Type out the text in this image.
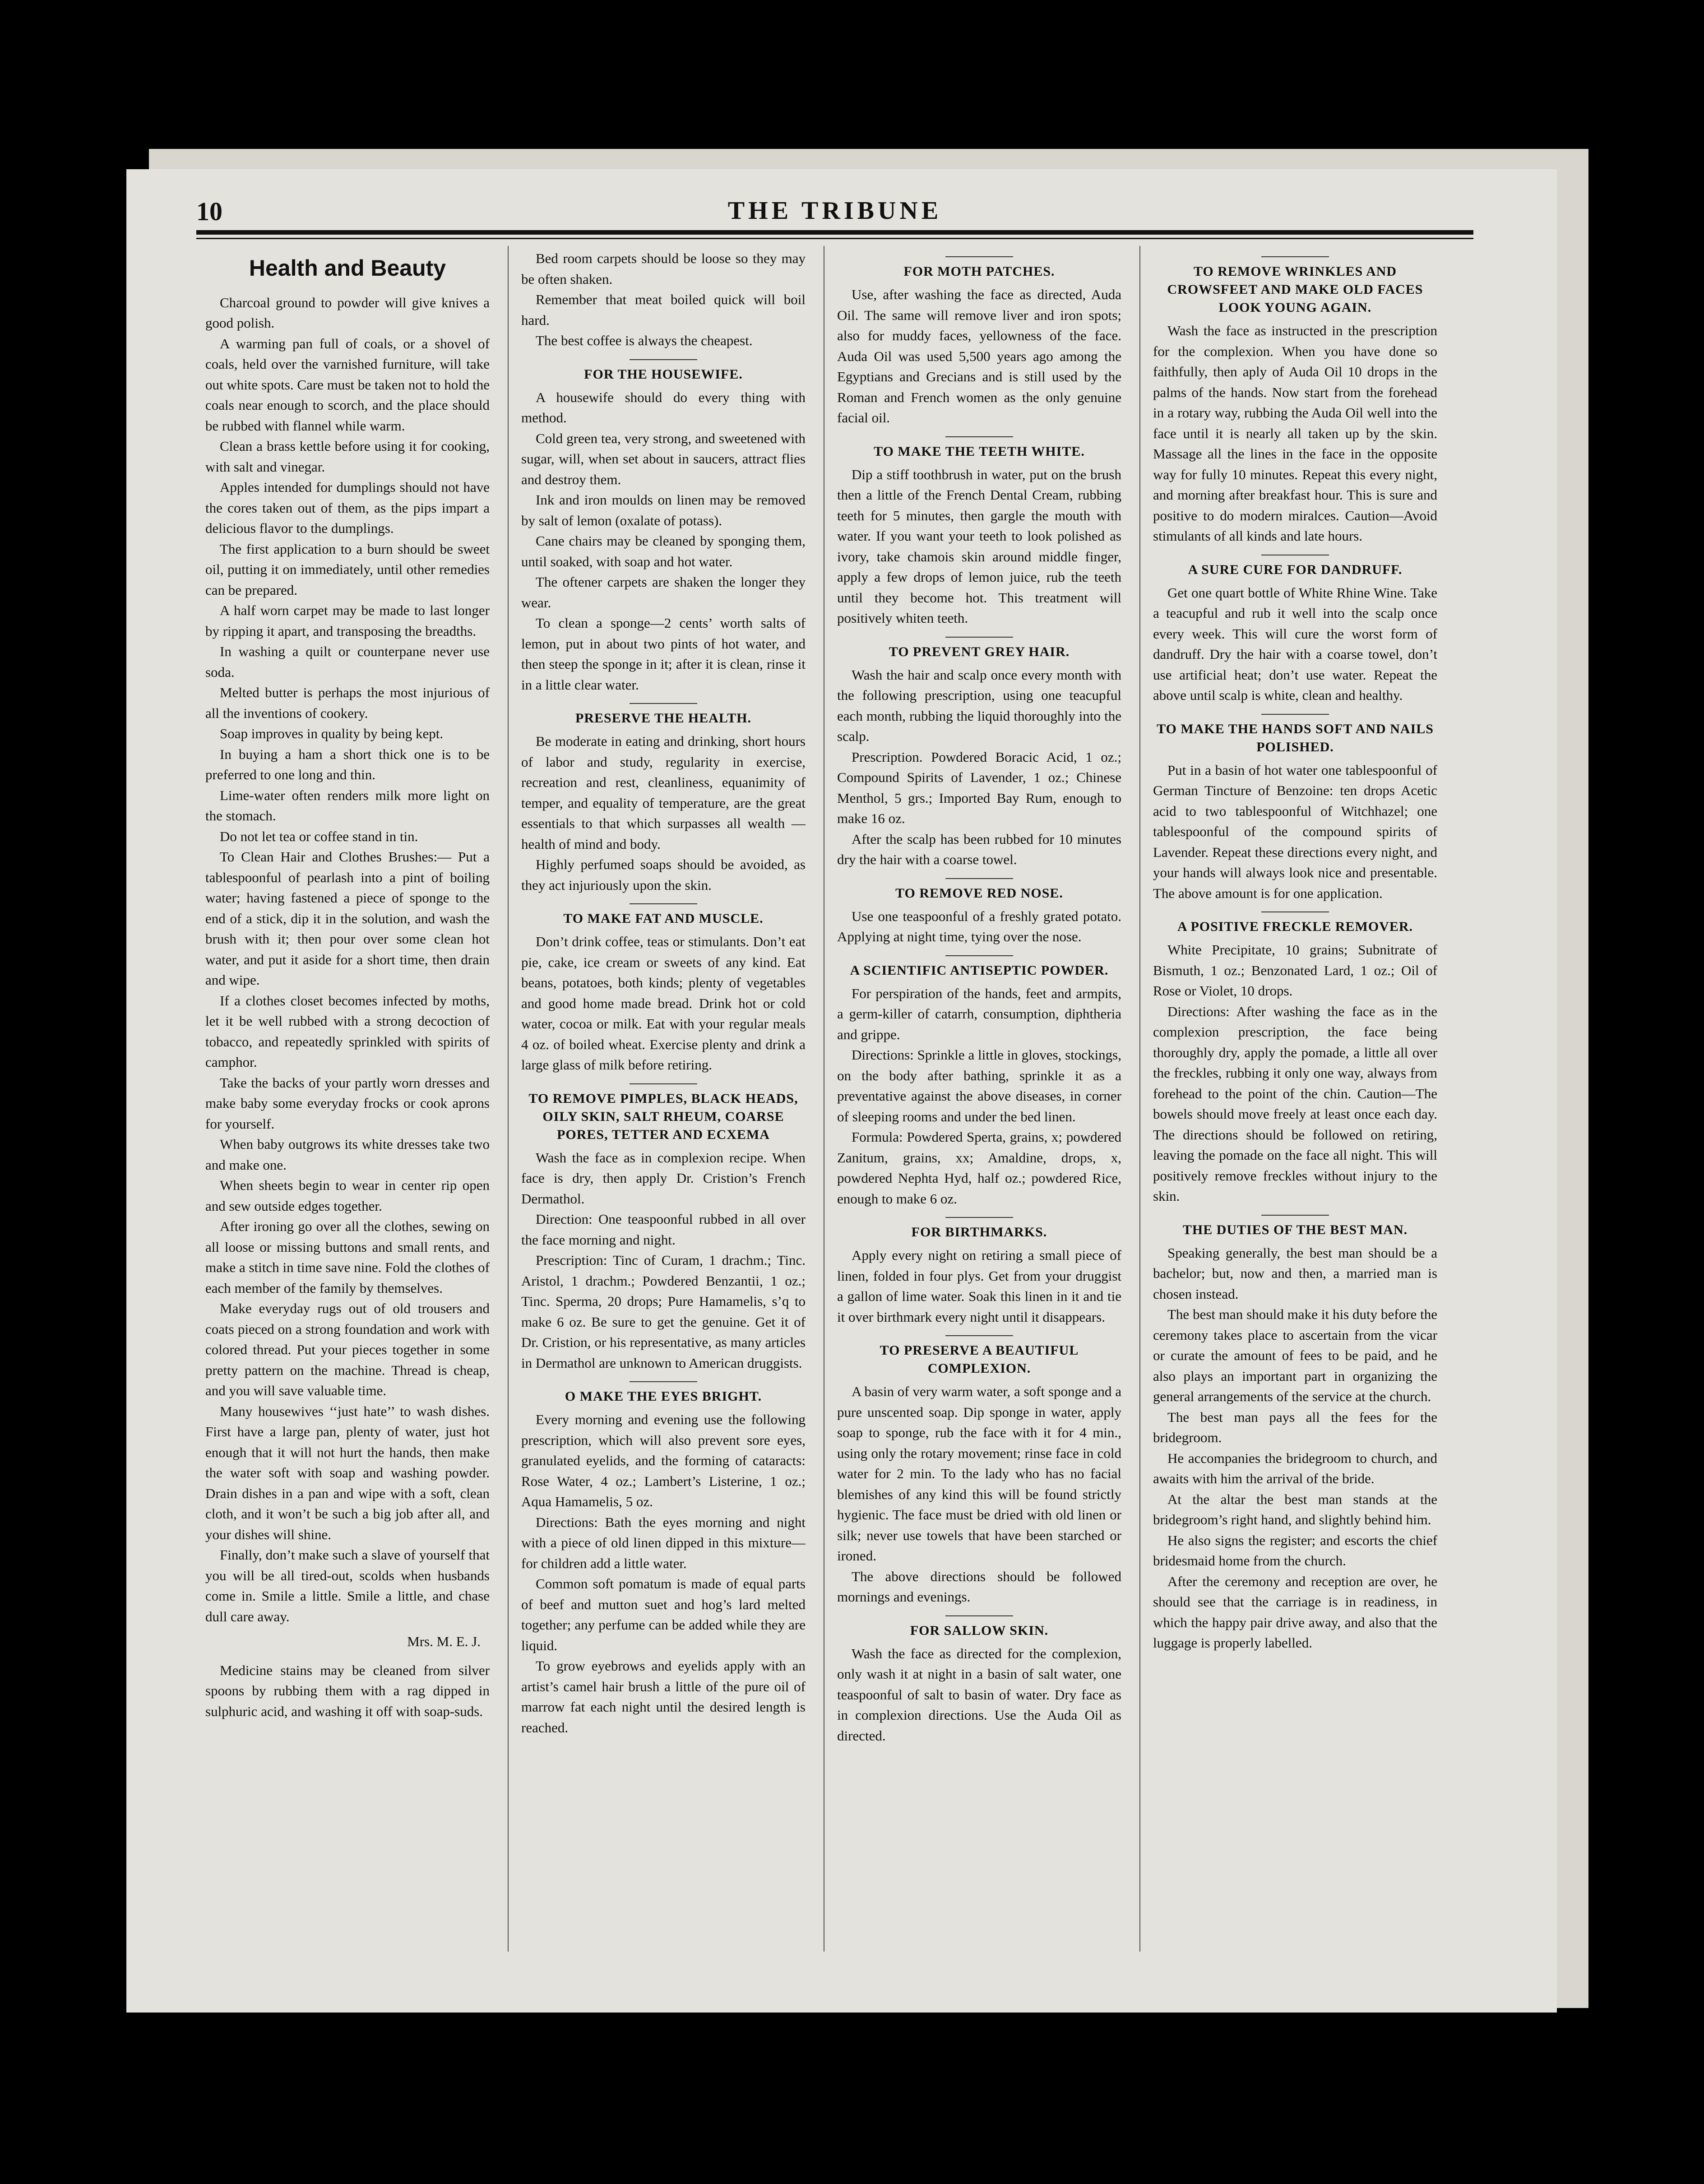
10	THE TRIBUNE
Health and Beauty

Charcoal ground to powder will give knives a good polish.

A warming pan full of coals, or a shovel of coals, held over the varnished furniture, will take out white spots. Care must be taken not to hold the coals near enough to scorch, and the place should be rubbed with flannel while warm.

Clean a brass kettle before using it for cooking, with salt and vinegar.

Apples intended for dumplings should not have the cores taken out of them, as the pips impart a delicious flavor to the dumplings.

The first application to a burn should be sweet oil, putting it on immediately, until other remedies can be prepared.

A half worn carpet may be made to last longer by ripping it apart, and transposing the breadths.

In washing a quilt or counterpane never use soda.

Melted butter is perhaps the most injurious of all the inventions of cookery.

Soap improves in quality by being kept.

In buying a ham a short thick one is to be preferred to one long and thin.

Lime-water often renders milk more light on the stomach.

Do not let tea or coffee stand in tin.

To Clean Hair and Clothes Brushes:— Put a tablespoonful of pearlash into a pint of boiling water; having fastened a piece of sponge to the end of a stick, dip it in the solution, and wash the brush with it; then pour over some clean hot water, and put it aside for a short time, then drain and wipe.

If a clothes closet becomes infected by moths, let it be well rubbed with a strong decoction of tobacco, and repeatedly sprinkled with spirits of camphor.

Take the backs of your partly worn dresses and make baby some everyday frocks or cook aprons for yourself.

When baby outgrows its white dresses take two and make one.

When sheets begin to wear in center rip open and sew outside edges together.

After ironing go over all the clothes, sewing on all loose or missing buttons and small rents, and make a stitch in time save nine. Fold the clothes of each member of the family by themselves.

Make everyday rugs out of old trousers and coats pieced on a strong foundation and work with colored thread. Put your pieces together in some pretty pattern on the machine. Thread is cheap, and you will save valuable time.

Many housewives ‘‘just hate’’ to wash dishes. First have a large pan, plenty of water, just hot enough that it will not hurt the hands, then make the water soft with soap and washing powder. Drain dishes in a pan and wipe with a soft, clean cloth, and it won’t be such a big job after all, and your dishes will shine.

Finally, don’t make such a slave of yourself that you will be all tired-out, scolds when husbands come in. Smile a little. Smile a little, and chase dull care away.

Mrs. M. E. J.

Medicine stains may be cleaned from silver spoons by rubbing them with a rag dipped in sulphuric acid, and washing it off with soap-suds.

Bed room carpets should be loose so they may be often shaken.

Remember that meat boiled quick will boil hard.

The best coffee is always the cheapest.

FOR THE HOUSEWIFE.

A housewife should do every thing with method.

Cold green tea, very strong, and sweetened with sugar, will, when set about in saucers, attract flies and destroy them.

Ink and iron moulds on linen may be removed by salt of lemon (oxalate of potass).

Cane chairs may be cleaned by sponging them, until soaked, with soap and hot water.

The oftener carpets are shaken the longer they wear.

To clean a sponge—2 cents’ worth salts of lemon, put in about two pints of hot water, and then steep the sponge in it; after it is clean, rinse it in a little clear water.

PRESERVE THE HEALTH.

Be moderate in eating and drinking, short hours of labor and study, regularity in exercise, recreation and rest, cleanliness, equanimity of temper, and equality of temperature, are the great essentials to that which surpasses all wealth — health of mind and body.

Highly perfumed soaps should be avoided, as they act injuriously upon the skin.

TO MAKE FAT AND MUSCLE.

Don’t drink coffee, teas or stimulants. Don’t eat pie, cake, ice cream or sweets of any kind. Eat beans, potatoes, both kinds; plenty of vegetables and good home made bread. Drink hot or cold water, cocoa or milk. Eat with your regular meals 4 oz. of boiled wheat. Exercise plenty and drink a large glass of milk before retiring.

TO REMOVE PIMPLES, BLACK HEADS, OILY SKIN, SALT RHEUM, COARSE PORES, TETTER AND ECXEMA

Wash the face as in complexion recipe. When face is dry, then apply Dr. Cristion’s French Dermathol.

Direction: One teaspoonful rubbed in all over the face morning and night.

Prescription: Tinc of Curam, 1 drachm.; Tinc. Aristol, 1 drachm.; Powdered Benzantii, 1 oz.; Tinc. Sperma, 20 drops; Pure Hamamelis, s’q to make 6 oz. Be sure to get the genuine. Get it of Dr. Cristion, or his representative, as many articles in Dermathol are unknown to American druggists.

O MAKE THE EYES BRIGHT.

Every morning and evening use the following prescription, which will also prevent sore eyes, granulated eyelids, and the forming of cataracts: Rose Water, 4 oz.; Lambert’s Listerine, 1 oz.; Aqua Hamamelis, 5 oz.

Directions: Bath the eyes morning and night with a piece of old linen dipped in this mixture—for children add a little water.

Common soft pomatum is made of equal parts of beef and mutton suet and hog’s lard melted together; any perfume can be added while they are liquid.

To grow eyebrows and eyelids apply with an artist’s camel hair brush a little of the pure oil of marrow fat each night until the desired length is reached.

FOR MOTH PATCHES.

Use, after washing the face as directed, Auda Oil. The same will remove liver and iron spots; also for muddy faces, yellowness of the face. Auda Oil was used 5,500 years ago among the Egyptians and Grecians and is still used by the Roman and French women as the only genuine facial oil.

TO MAKE THE TEETH WHITE.

Dip a stiff toothbrush in water, put on the brush then a little of the French Dental Cream, rubbing teeth for 5 minutes, then gargle the mouth with water. If you want your teeth to look polished as ivory, take chamois skin around middle finger, apply a few drops of lemon juice, rub the teeth until they become hot. This treatment will positively whiten teeth.

TO PREVENT GREY HAIR.

Wash the hair and scalp once every month with the following prescription, using one teacupful each month, rubbing the liquid thoroughly into the scalp.

Prescription. Powdered Boracic Acid, 1 oz.; Compound Spirits of Lavender, 1 oz.; Chinese Menthol, 5 grs.; Imported Bay Rum, enough to make 16 oz.

After the scalp has been rubbed for 10 minutes dry the hair with a coarse towel.

TO REMOVE RED NOSE.

Use one teaspoonful of a freshly grated potato. Applying at night time, tying over the nose.

A SCIENTIFIC ANTISEPTIC POWDER.

For perspiration of the hands, feet and armpits, a germ-killer of catarrh, consumption, diphtheria and grippe.

Directions: Sprinkle a little in gloves, stockings, on the body after bathing, sprinkle it as a preventative against the above diseases, in corner of sleeping rooms and under the bed linen.

Formula: Powdered Sperta, grains, x; powdered Zanitum, grains, xx; Amaldine, drops, x, powdered Nephta Hyd, half oz.; powdered Rice, enough to make 6 oz.

FOR BIRTHMARKS.

Apply every night on retiring a small piece of linen, folded in four plys. Get from your druggist a gallon of lime water. Soak this linen in it and tie it over birthmark every night until it disappears.

TO PRESERVE A BEAUTIFUL COMPLEXION.

A basin of very warm water, a soft sponge and a pure unscented soap. Dip sponge in water, apply soap to sponge, rub the face with it for 4 min., using only the rotary movement; rinse face in cold water for 2 min. To the lady who has no facial blemishes of any kind this will be found strictly hygienic. The face must be dried with old linen or silk; never use towels that have been starched or ironed.

The above directions should be followed mornings and evenings.

FOR SALLOW SKIN.

Wash the face as directed for the complexion, only wash it at night in a basin of salt water, one teaspoonful of salt to basin of water. Dry face as in complexion directions. Use the Auda Oil as directed.

TO REMOVE WRINKLES AND CROWSFEET AND MAKE OLD FACES LOOK YOUNG AGAIN.

Wash the face as instructed in the prescription for the complexion. When you have done so faithfully, then aply of Auda Oil 10 drops in the palms of the hands. Now start from the forehead in a rotary way, rubbing the Auda Oil well into the face until it is nearly all taken up by the skin. Massage all the lines in the face in the opposite way for fully 10 minutes. Repeat this every night, and morning after breakfast hour. This is sure and positive to do modern miralces. Caution—Avoid stimulants of all kinds and late hours.

A SURE CURE FOR DANDRUFF.

Get one quart bottle of White Rhine Wine. Take a teacupful and rub it well into the scalp once every week. This will cure the worst form of dandruff. Dry the hair with a coarse towel, don’t use artificial heat; don’t use water. Repeat the above until scalp is white, clean and healthy.

TO MAKE THE HANDS SOFT AND NAILS POLISHED.

Put in a basin of hot water one tablespoonful of German Tincture of Benzoine: ten drops Acetic acid to two tablespoonful of Witchhazel; one tablespoonful of the compound spirits of Lavender. Repeat these directions every night, and your hands will always look nice and presentable. The above amount is for one application.

A POSITIVE FRECKLE REMOVER.

White Precipitate, 10 grains; Subnitrate of Bismuth, 1 oz.; Benzonated Lard, 1 oz.; Oil of Rose or Violet, 10 drops.

Directions: After washing the face as in the complexion prescription, the face being thoroughly dry, apply the pomade, a little all over the freckles, rubbing it only one way, always from forehead to the point of the chin. Caution—The bowels should move freely at least once each day. The directions should be followed on retiring, leaving the pomade on the face all night. This will positively remove freckles without injury to the skin.

THE DUTIES OF THE BEST MAN.

Speaking generally, the best man should be a bachelor; but, now and then, a married man is chosen instead.

The best man should make it his duty before the ceremony takes place to ascertain from the vicar or curate the amount of fees to be paid, and he also plays an important part in organizing the general arrangements of the service at the church.

The best man pays all the fees for the bridegroom.

He accompanies the bridegroom to church, and awaits with him the arrival of the bride.

At the altar the best man stands at the bridegroom’s right hand, and slightly behind him.

He also signs the register; and escorts the chief bridesmaid home from the church.

After the ceremony and reception are over, he should see that the carriage is in readiness, in which the happy pair drive away, and also that the luggage is properly labelled.
